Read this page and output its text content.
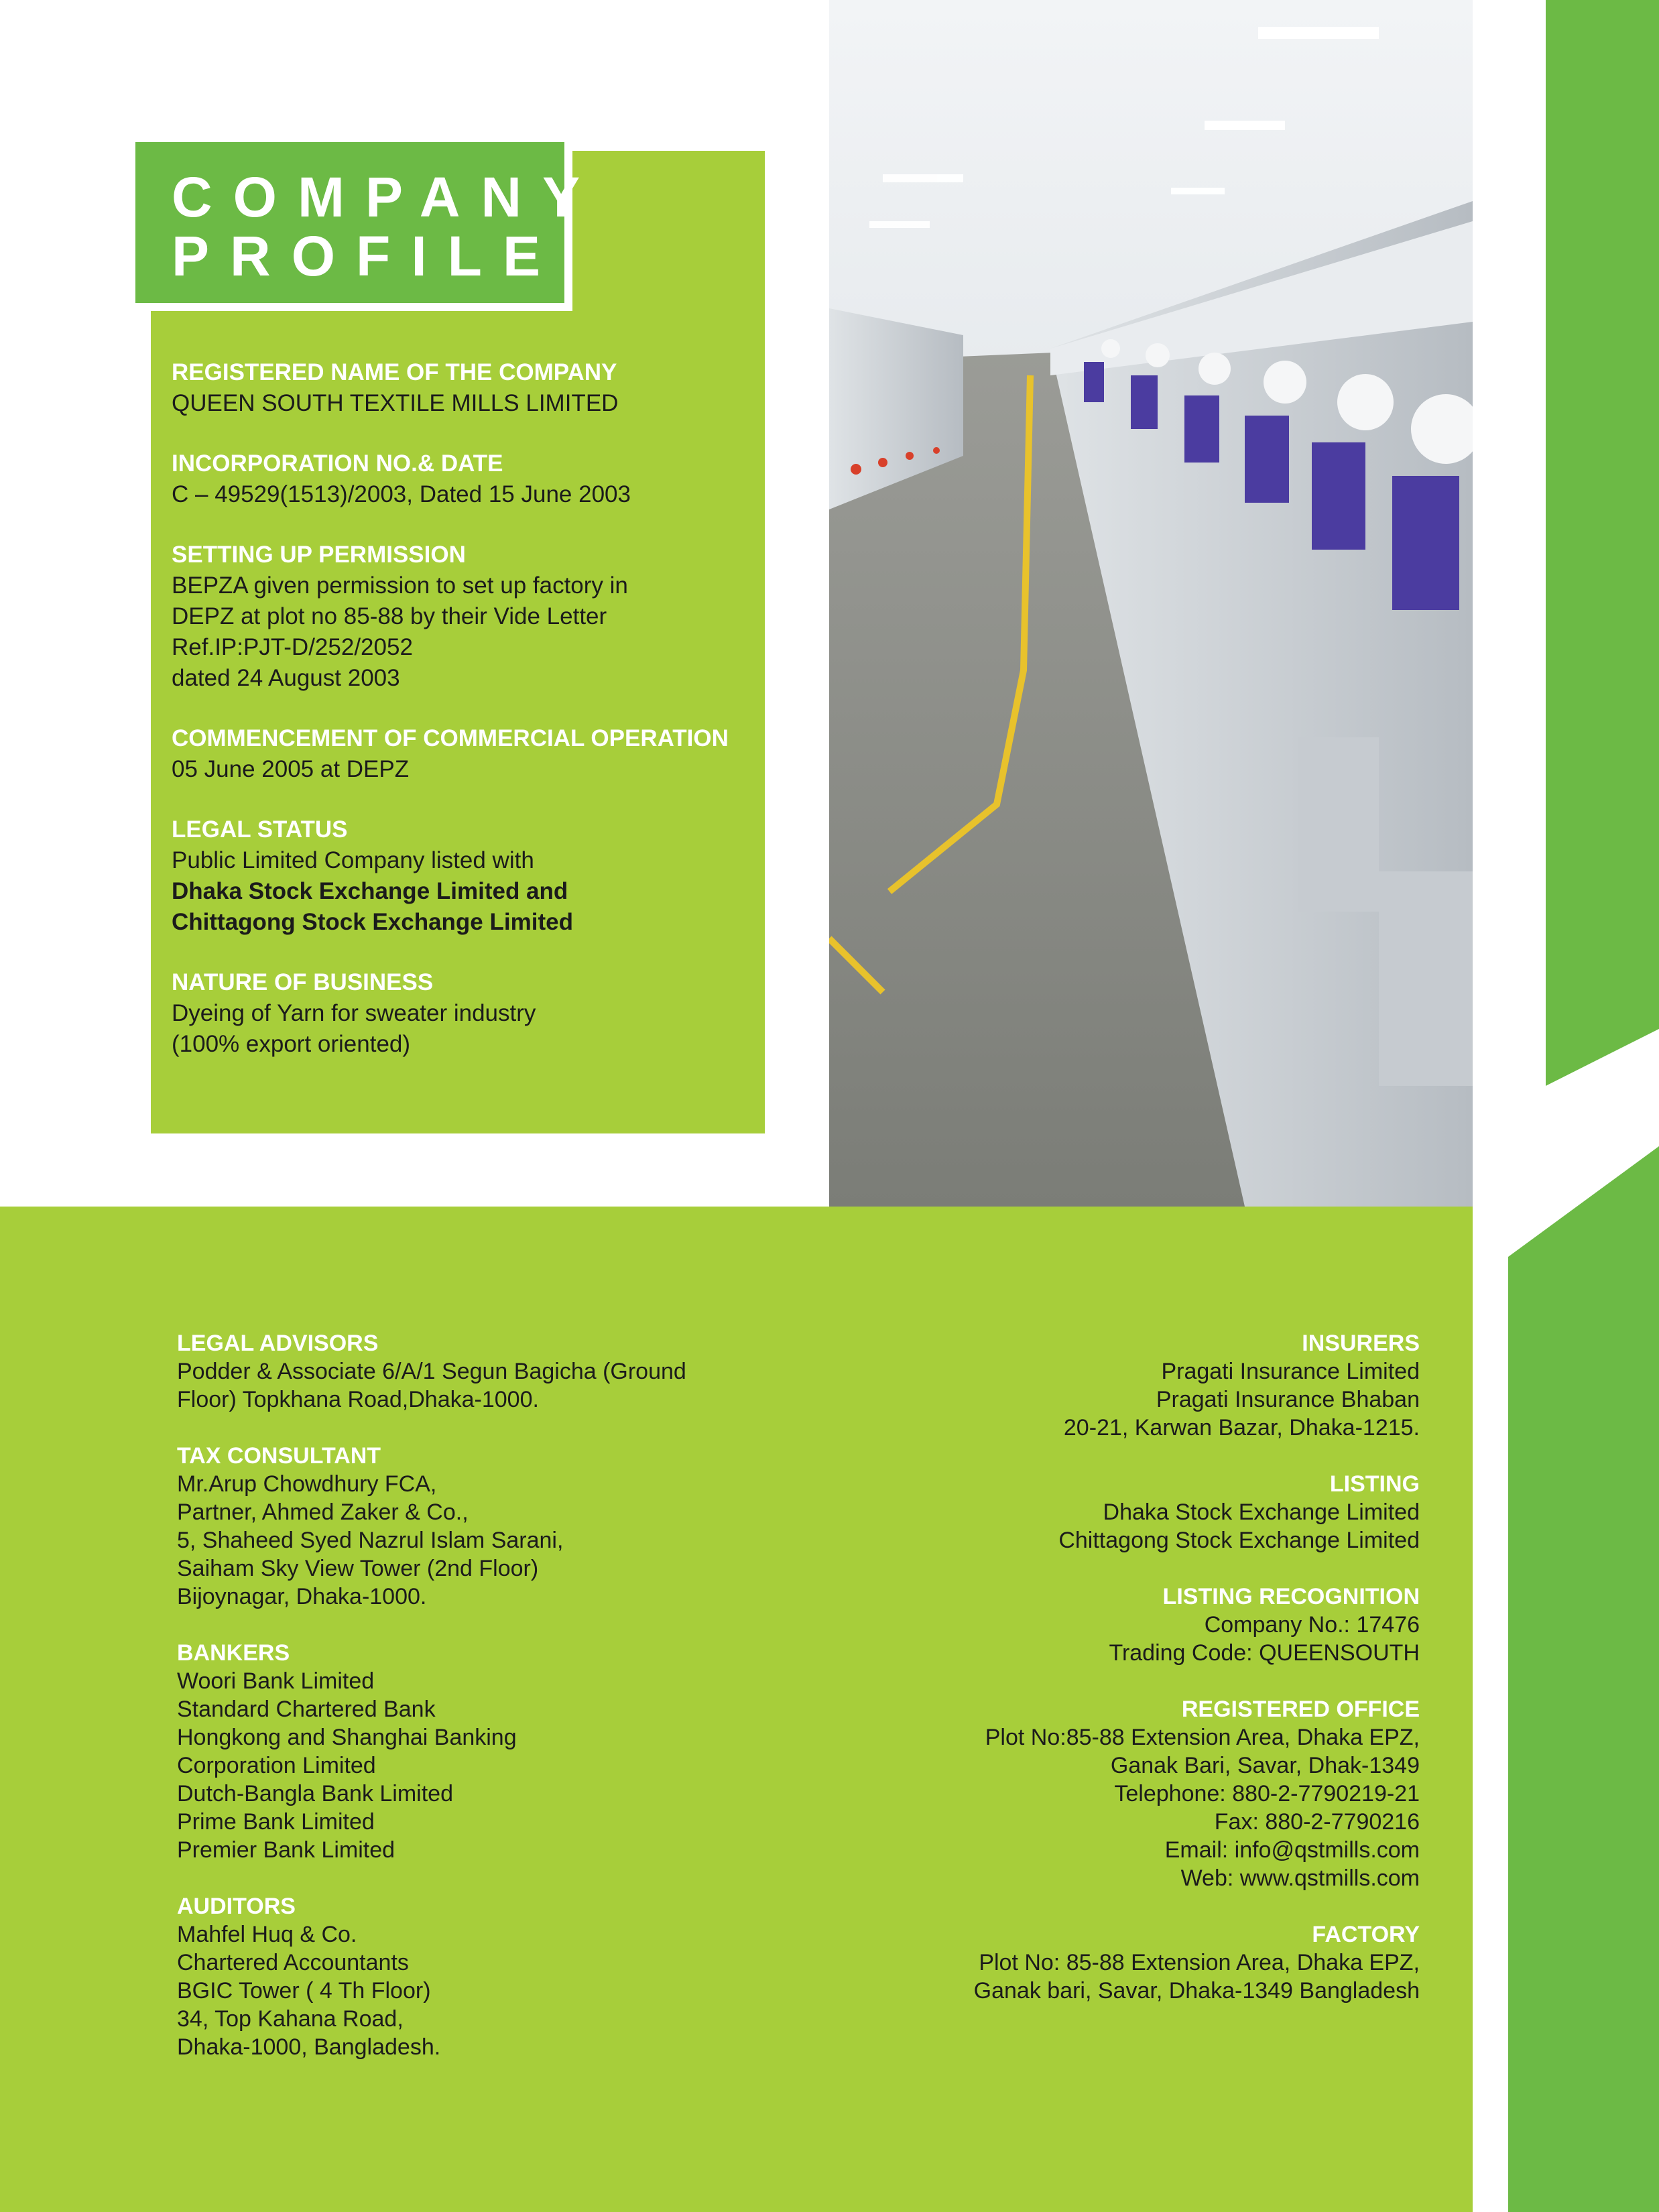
COMPANY
PROFILE
REGISTERED NAME OF THE COMPANY
QUEEN SOUTH TEXTILE MILLS LIMITED
INCORPORATION NO.& DATE
C – 49529(1513)/2003, Dated 15 June 2003
SETTING UP PERMISSION
BEPZA given permission to set up factory in
DEPZ at plot no 85-88 by their Vide Letter
Ref.IP:PJT-D/252/2052
dated 24 August 2003
COMMENCEMENT OF COMMERCIAL OPERATION
05 June 2005 at DEPZ
LEGAL STATUS
Public Limited Company listed with
Dhaka Stock Exchange Limited and
Chittagong Stock Exchange Limited
NATURE OF BUSINESS
Dyeing of Yarn for sweater industry
(100% export oriented)
LEGAL ADVISORS
Podder & Associate 6/A/1 Segun Bagicha (Ground
Floor) Topkhana Road,Dhaka-1000.
TAX CONSULTANT
Mr.Arup Chowdhury FCA,
Partner, Ahmed Zaker & Co.,
5, Shaheed Syed Nazrul Islam Sarani,
Saiham Sky View Tower (2nd Floor)
Bijoynagar, Dhaka-1000.
BANKERS
Woori Bank Limited
Standard Chartered Bank
Hongkong and Shanghai Banking
Corporation Limited
Dutch-Bangla Bank Limited
Prime Bank Limited
Premier Bank Limited
AUDITORS
Mahfel Huq & Co.
Chartered Accountants
BGIC Tower ( 4 Th Floor)
34, Top Kahana Road,
Dhaka-1000, Bangladesh.
INSURERS
Pragati Insurance Limited
Pragati Insurance Bhaban
20-21, Karwan Bazar, Dhaka-1215.
LISTING
Dhaka Stock Exchange Limited
Chittagong Stock Exchange Limited
LISTING RECOGNITION
Company No.: 17476
Trading Code: QUEENSOUTH
REGISTERED OFFICE
Plot No:85-88 Extension Area, Dhaka EPZ,
Ganak Bari, Savar, Dhak-1349
Telephone: 880-2-7790219-21
Fax: 880-2-7790216
Email: info@qstmills.com
Web: www.qstmills.com
FACTORY
Plot No: 85-88 Extension Area, Dhaka EPZ,
Ganak bari, Savar, Dhaka-1349 Bangladesh
